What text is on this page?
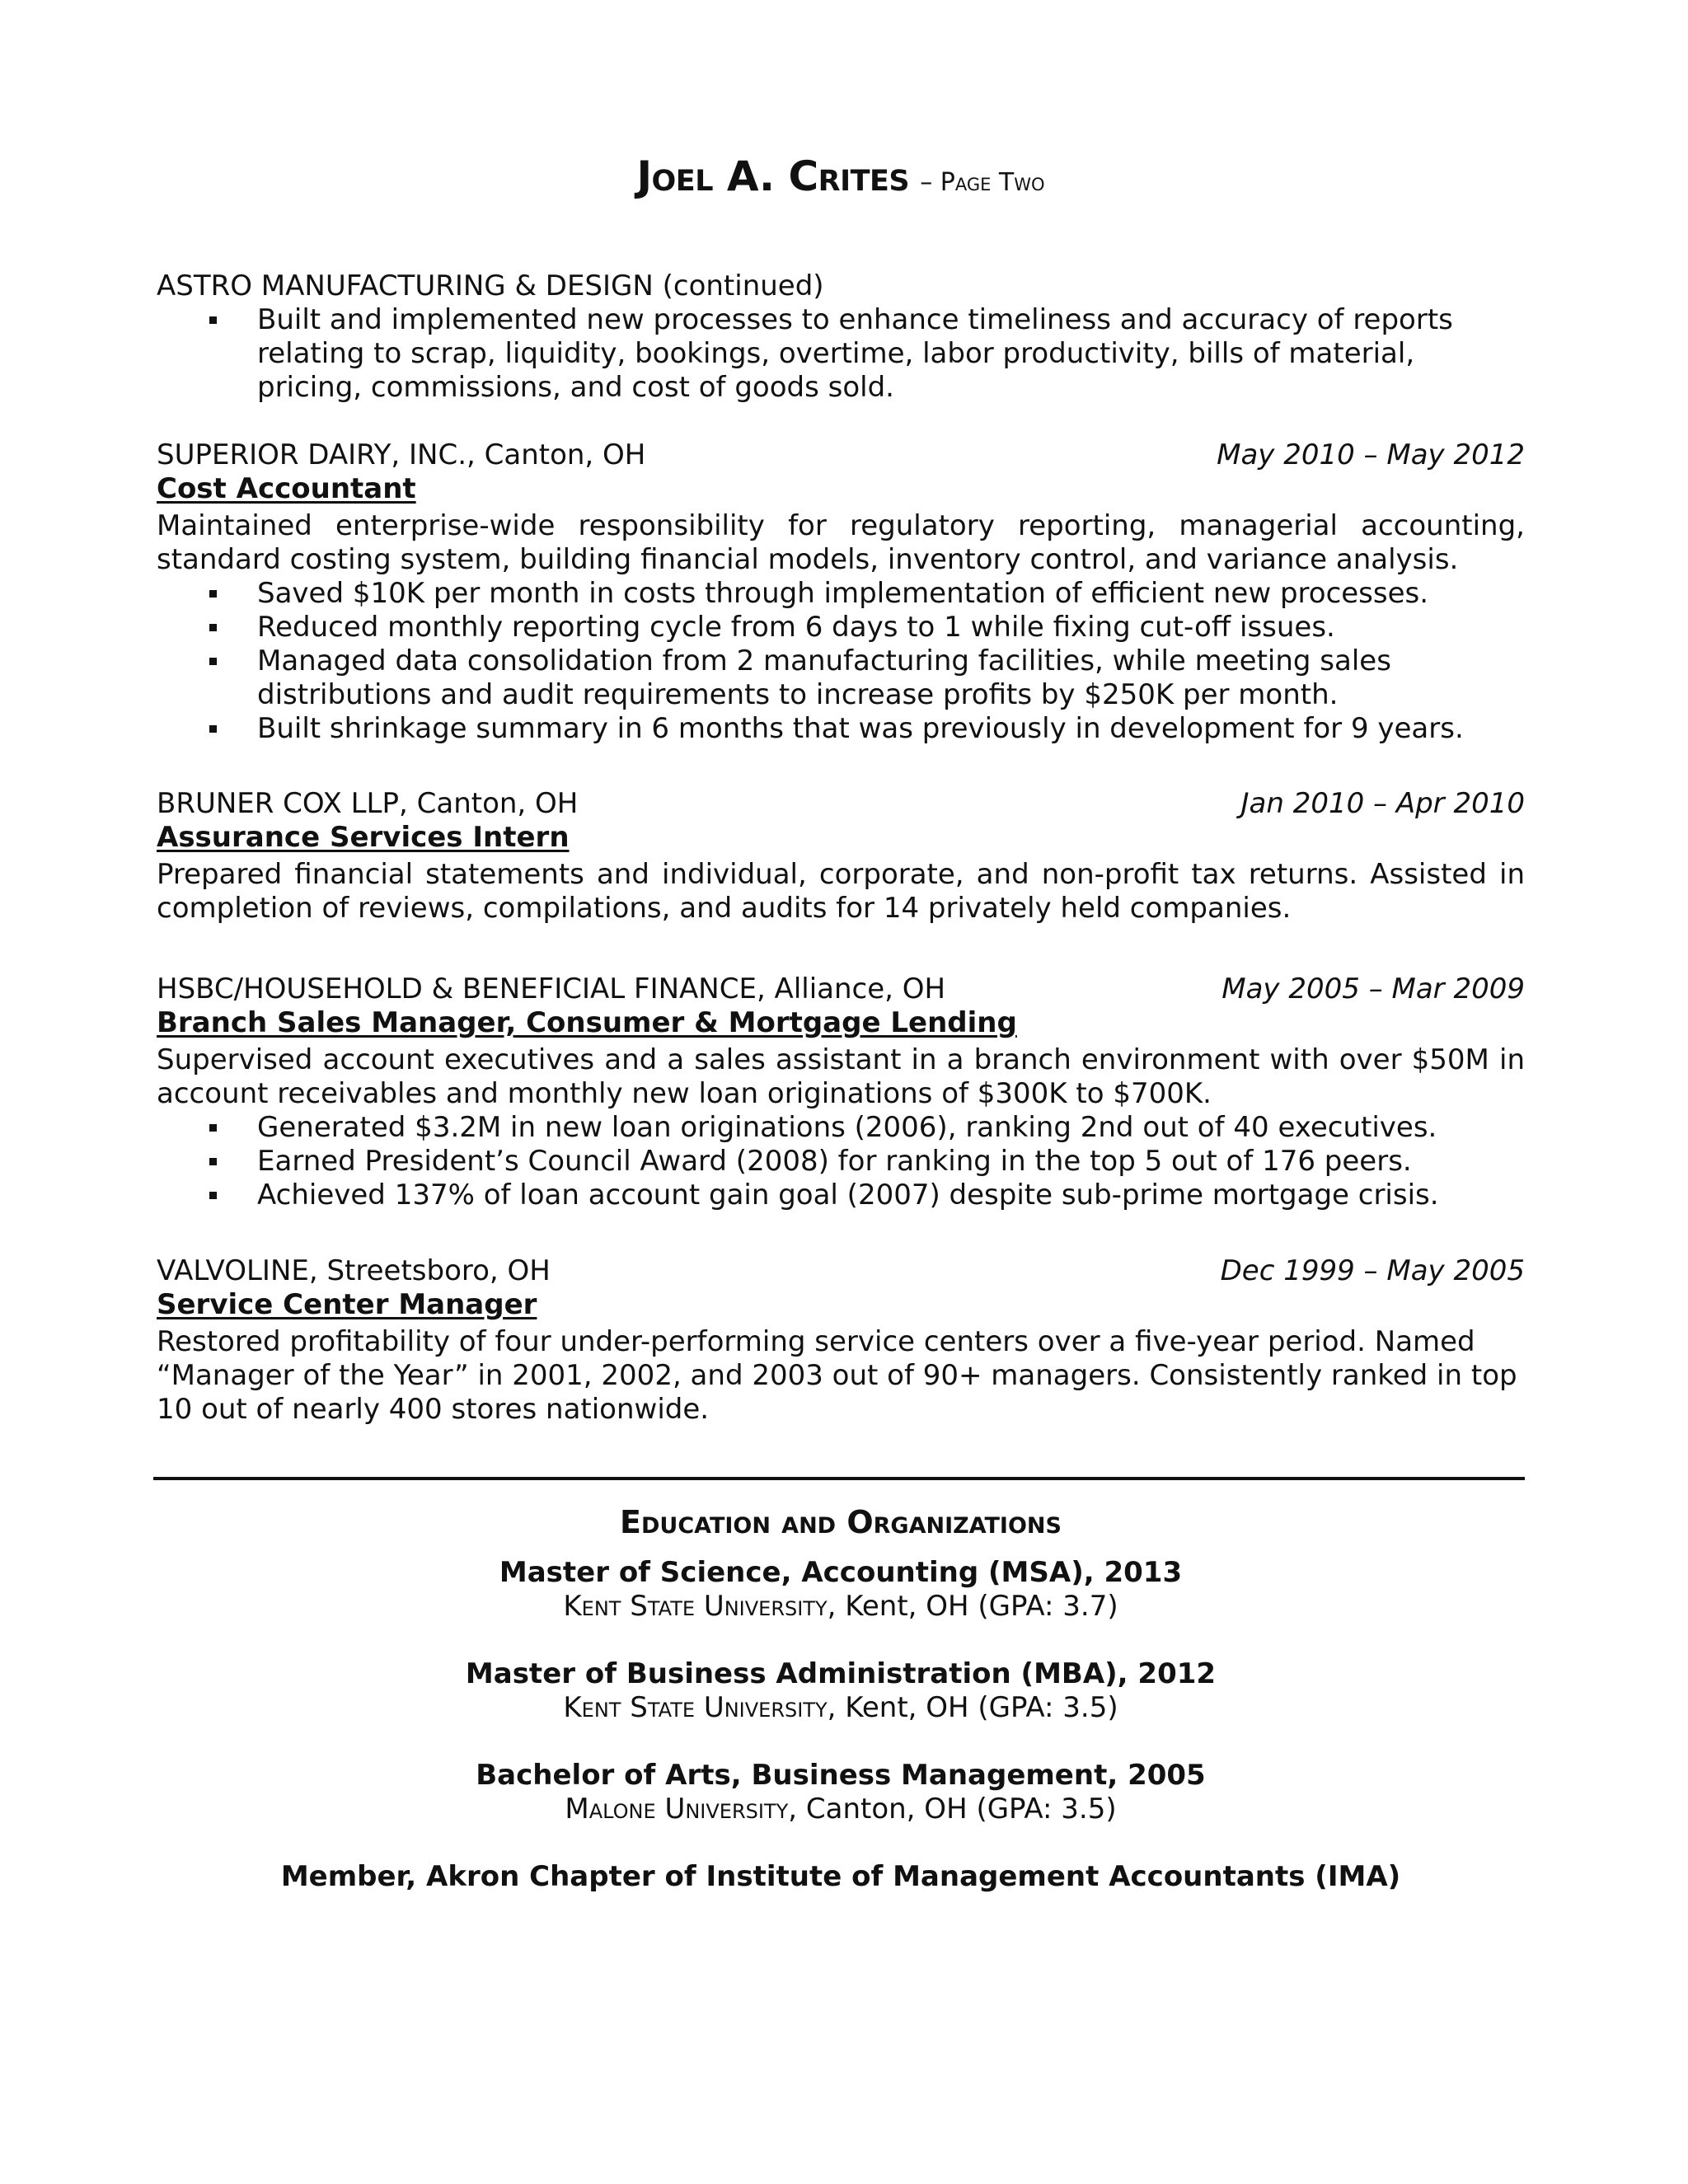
Joel A. Crites – Page Two
ASTRO MANUFACTURING & DESIGN (continued)
Built and implemented new processes to enhance timeliness and accuracy of reports relating to scrap, liquidity, bookings, overtime, labor productivity, bills of material, pricing, commissions, and cost of goods sold.
SUPERIOR DAIRY, INC., Canton, OH	May 2010 – May 2012
Cost Accountant
Maintained enterprise-wide responsibility for regulatory reporting, managerial accounting, standard costing system, building financial models, inventory control, and variance analysis.
Saved $10K per month in costs through implementation of efficient new processes.
Reduced monthly reporting cycle from 6 days to 1 while fixing cut-off issues.
Managed data consolidation from 2 manufacturing facilities, while meeting sales distributions and audit requirements to increase profits by $250K per month.
Built shrinkage summary in 6 months that was previously in development for 9 years.
BRUNER COX LLP, Canton, OH	Jan 2010 – Apr 2010
Assurance Services Intern
Prepared financial statements and individual, corporate, and non-profit tax returns. Assisted in completion of reviews, compilations, and audits for 14 privately held companies.
HSBC/HOUSEHOLD & BENEFICIAL FINANCE, Alliance, OH	May 2005 – Mar 2009
Branch Sales Manager, Consumer & Mortgage Lending
Supervised account executives and a sales assistant in a branch environment with over $50M in account receivables and monthly new loan originations of $300K to $700K.
Generated $3.2M in new loan originations (2006), ranking 2nd out of 40 executives.
Earned President’s Council Award (2008) for ranking in the top 5 out of 176 peers.
Achieved 137% of loan account gain goal (2007) despite sub-prime mortgage crisis.
VALVOLINE, Streetsboro, OH	Dec 1999 – May 2005
Service Center Manager
Restored profitability of four under-performing service centers over a five-year period. Named “Manager of the Year” in 2001, 2002, and 2003 out of 90+ managers. Consistently ranked in top 10 out of nearly 400 stores nationwide.
Education and Organizations
Master of Science, Accounting (MSA), 2013
Kent State University, Kent, OH (GPA: 3.7)
Master of Business Administration (MBA), 2012
Kent State University, Kent, OH (GPA: 3.5)
Bachelor of Arts, Business Management, 2005
Malone University, Canton, OH (GPA: 3.5)
Member, Akron Chapter of Institute of Management Accountants (IMA)
